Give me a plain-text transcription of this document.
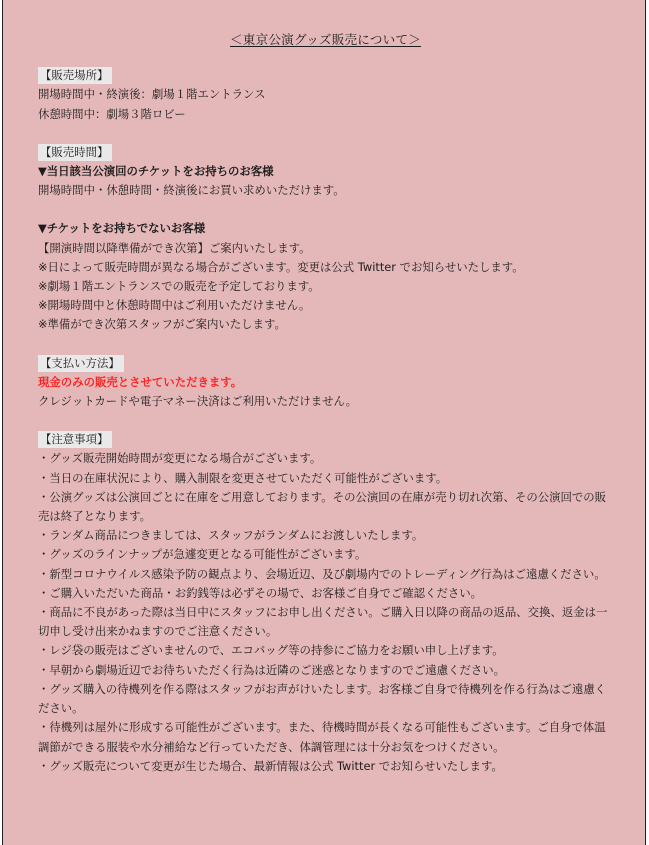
＜東京公演グッズ販売について＞
【販売場所】
開場時間中・終演後：劇場１階エントランス
休憩時間中：劇場３階ロビー
【販売時間】
▼当日該当公演回のチケットをお持ちのお客様
開場時間中・休憩時間・終演後にお買い求めいただけます。
▼チケットをお持ちでないお客様
【開演時間以降準備ができ次第】ご案内いたします。
※日によって販売時間が異なる場合がございます。変更は公式 Twitter でお知らせいたします。
※劇場１階エントランスでの販売を予定しております。
※開場時間中と休憩時間中はご利用いただけません。
※準備ができ次第スタッフがご案内いたします。
【支払い方法】
現金のみの販売とさせていただきます。
クレジットカードや電子マネー決済はご利用いただけません。
【注意事項】
・グッズ販売開始時間が変更になる場合がございます。
・当日の在庫状況により、購入制限を変更させていただく可能性がございます。
・公演グッズは公演回ごとに在庫をご用意しております。その公演回の在庫が売り切れ次第、その公演回での販売は終了となります。
・ランダム商品につきましては、スタッフがランダムにお渡しいたします。
・グッズのラインナップが急遽変更となる可能性がございます。
・新型コロナウイルス感染予防の観点より、会場近辺、及び劇場内でのトレーディング行為はご遠慮ください。
・ご購入いただいた商品・お釣銭等は必ずその場で、お客様ご自身でご確認ください。
・商品に不良があった際は当日中にスタッフにお申し出ください。ご購入日以降の商品の返品、交換、返金は一切申し受け出来かねますのでご注意ください。
・レジ袋の販売はございませんので、エコバッグ等の持参にご協力をお願い申し上げます。
・早朝から劇場近辺でお待ちいただく行為は近隣のご迷惑となりますのでご遠慮ください。
・グッズ購入の待機列を作る際はスタッフがお声がけいたします。お客様ご自身で待機列を作る行為はご遠慮ください。
・待機列は屋外に形成する可能性がございます。また、待機時間が長くなる可能性もございます。ご自身で体温調節ができる服装や水分補給など行っていただき、体調管理には十分お気をつけください。
・グッズ販売について変更が生じた場合、最新情報は公式 Twitter でお知らせいたします。
